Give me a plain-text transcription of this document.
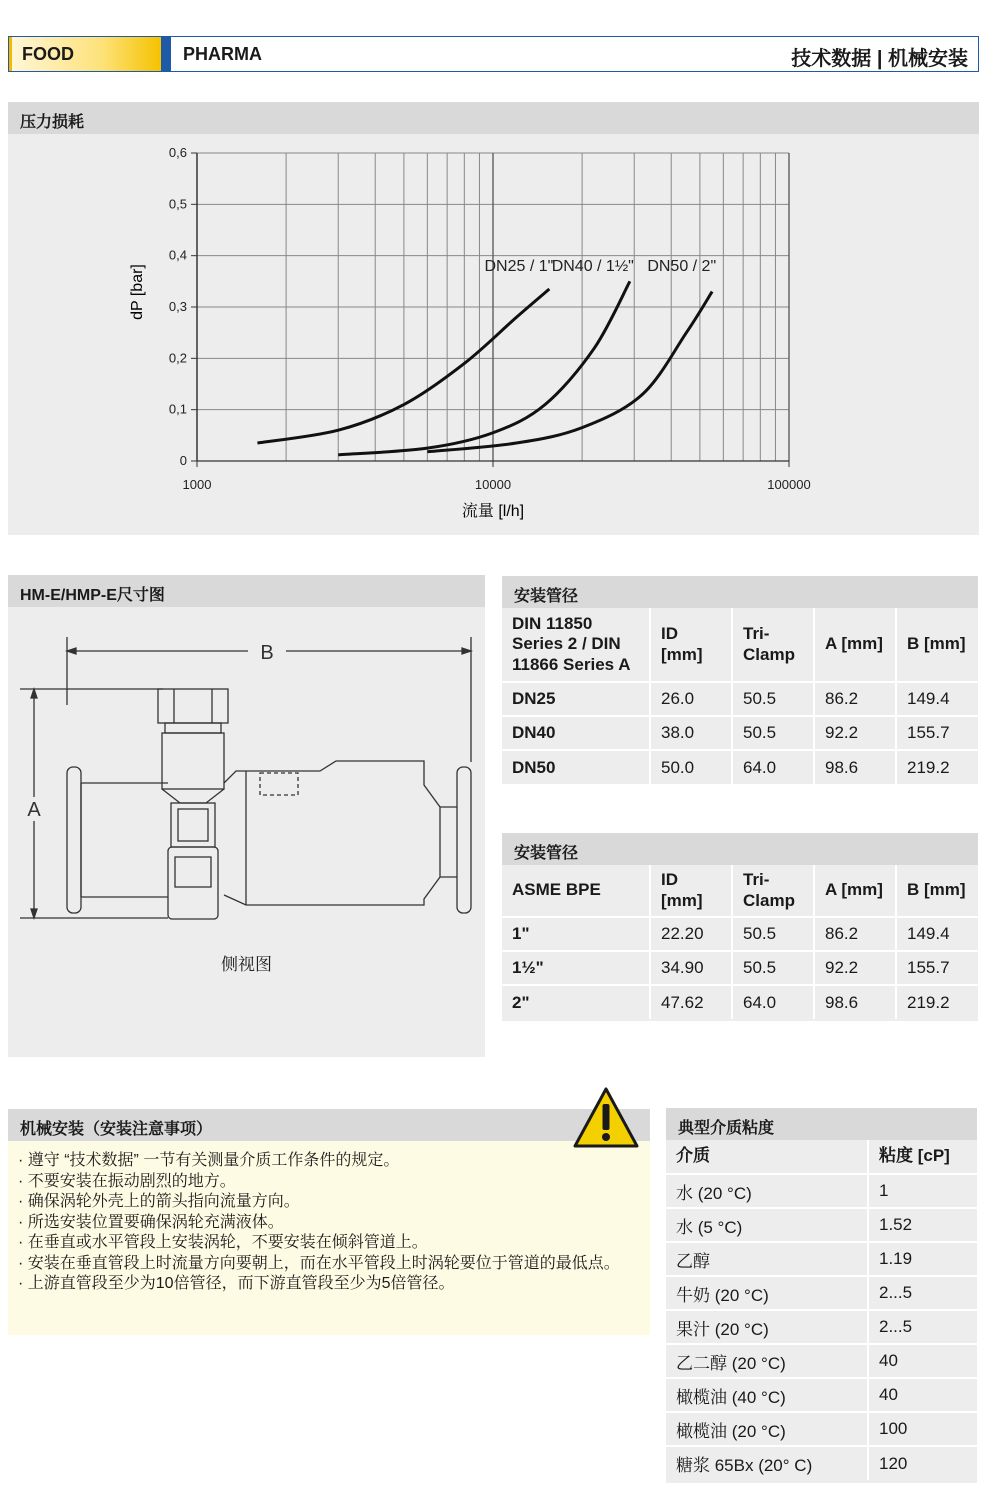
FOOD	PHARMA	技术数据 | 机械安装
压力损耗
0
0,1
0,2
0,3
0,4
0,5
0,6
1000	10000	100000
DN25 / 1"
DN40 / 1½" DN50 / 2"
流量 [l/h]
dP [bar]
HM-E/HMP-E尺寸图
B
A
侧视图
安装管径
DIN 11850 Series 2 / DIN 11866 Series A	ID [mm]	Tri-Clamp	A [mm]	B [mm]
DN25	26.0	50.5	86.2	149.4
DN40	38.0	50.5	92.2	155.7
DN50	50.0	64.0	98.6	219.2
安装管径
ASME BPE	ID [mm]	Tri-Clamp	A [mm]	B [mm]
1"	22.20	50.5	86.2	149.4
1½"	34.90	50.5	92.2	155.7
2"	47.62	64.0	98.6	219.2
机械安装（安装注意事项）
· 遵守 “技术数据” 一节有关测量介质工作条件的规定。
· 不要安装在振动剧烈的地方。
· 确保涡轮外壳上的箭头指向流量方向。
· 所选安装位置要确保涡轮充满液体。
· 在垂直或水平管段上安装涡轮，不要安装在倾斜管道上。
· 安装在垂直管段上时流量方向要朝上，而在水平管段上时涡轮要位于管道的最低点。
· 上游直管段至少为10倍管径，而下游直管段至少为5倍管径。
典型介质粘度
介质	粘度 [cP]
水 (20 °C)	1
水 (5 °C)	1.52
乙醇	1.19
牛奶 (20 °C)	2...5
果汁 (20 °C)	2...5
乙二醇 (20 °C)	40
橄榄油 (40 °C)	40
橄榄油 (20 °C)	100
糖浆 65Bx (20° C)	120
